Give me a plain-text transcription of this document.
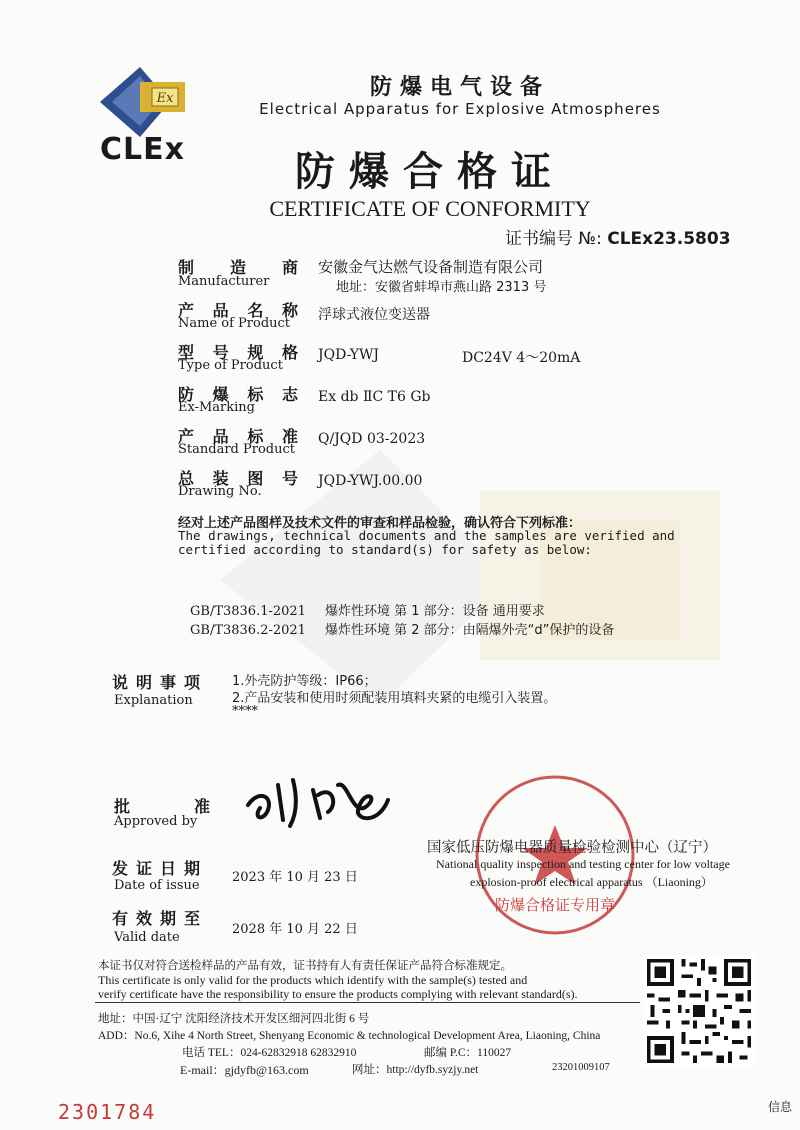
Ex
CLEx
防爆电气设备
Electrical Apparatus for Explosive Atmospheres
防爆合格证
CERTIFICATE OF CONFORMITY
证书编号 №: CLEx23.5803
制 造 商
Manufacturer
安徽金气达燃气设备制造有限公司
地址：安徽省蚌埠市燕山路 2313 号
产 品 名 称
Name of Product
浮球式液位变送器
型 号 规 格
Type of Product
JQD-YWJ	DC24V 4～20mA
防 爆 标 志
Ex-Marking
Ex db ⅡC T6 Gb
产 品 标 准
Standard Product
Q/JQD 03-2023
总 装 图 号
Drawing No.
JQD-YWJ.00.00
经对上述产品图样及技术文件的审查和样品检验，确认符合下列标准：
The drawings, technical documents and the samples are verified and
certified according to standard(s) for safety as below:
GB/T3836.1-2021 爆炸性环境 第 1 部分：设备 通用要求
GB/T3836.2-2021 爆炸性环境 第 2 部分：由隔爆外壳“d”保护的设备
说明事项
Explanation
1.外壳防护等级：IP66；
2.产品安装和使用时须配装用填料夹紧的电缆引入装置。
****
批	准
Approved by
发证日期
Date of issue
2023 年 10 月 23 日
有效期至
Valid date
2028 年 10 月 22 日
防爆合格证专用章
国家低压防爆电器质量检验检测中心（辽宁）
National quality inspection and testing center for low voltage
explosion-proof electrical apparatus （Liaoning）
本证书仅对符合送检样品的产品有效，证书持有人有责任保证产品符合标准规定。
This certificate is only valid for the products which identify with the sample(s) tested and
verify certificate have the responsibility to ensure the products complying with relevant standard(s).
地址：中国·辽宁 沈阳经济技术开发区细河四北街 6 号
ADD：No.6, Xihe 4 North Street, Shenyang Economic & technological Development Area, Liaoning, China
电话 TEL：024-62832918 62832910	邮编 P.C：110027
E-mail：gjdyfb@163.com	网址：http://dyfb.syzjy.net	23201009107
2301784	信息
